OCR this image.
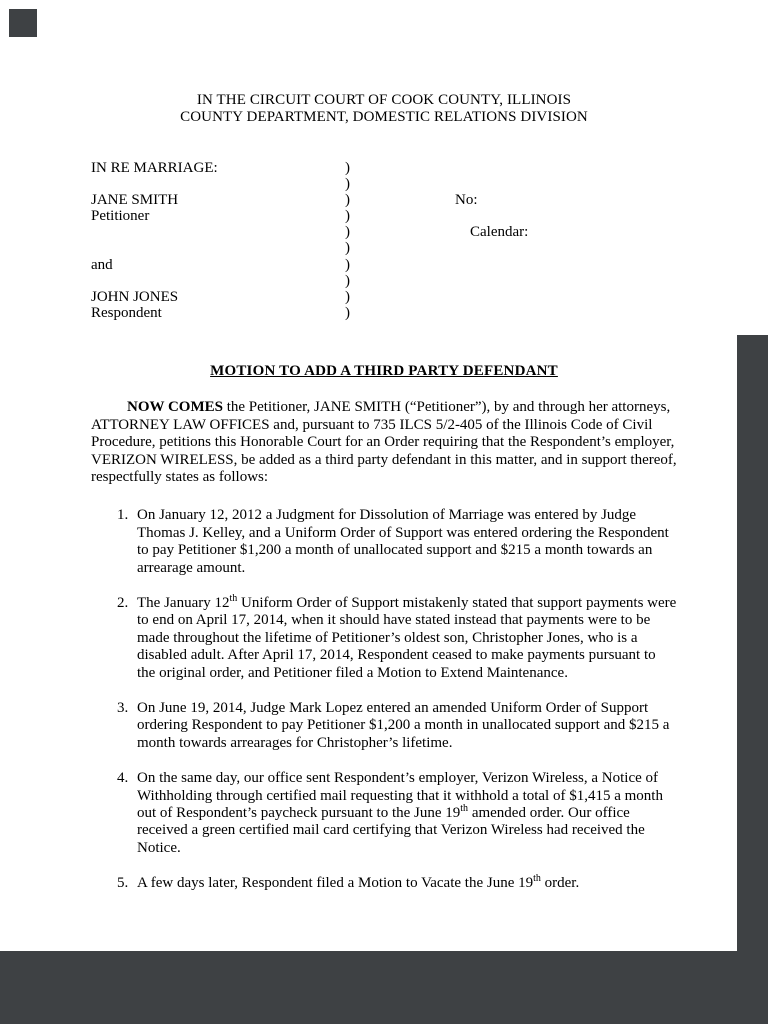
IN THE CIRCUIT COURT OF COOK COUNTY, ILLINOIS
COUNTY DEPARTMENT, DOMESTIC RELATIONS DIVISION
IN RE MARRIAGE:	)
)
JANE SMITH	)	No:
Petitioner	)
)	Calendar:
)
and	)
)
JOHN JONES	)
Respondent	)
MOTION TO ADD A THIRD PARTY DEFENDANT

NOW COMES the Petitioner, JANE SMITH (“Petitioner”), by and through her attorneys, ATTORNEY LAW OFFICES and, pursuant to 735 ILCS 5/2-405 of the Illinois Code of Civil Procedure, petitions this Honorable Court for an Order requiring that the Respondent’s employer, VERIZON WIRELESS, be added as a third party defendant in this matter, and in support thereof, respectfully states as follows:

1. On January 12, 2012 a Judgment for Dissolution of Marriage was entered by Judge Thomas J. Kelley, and a Uniform Order of Support was entered ordering the Respondent to pay Petitioner $1,200 a month of unallocated support and $215 a month towards an arrearage amount.
2. The January 12th Uniform Order of Support mistakenly stated that support payments were to end on April 17, 2014, when it should have stated instead that payments were to be made throughout the lifetime of Petitioner’s oldest son, Christopher Jones, who is a disabled adult. After April 17, 2014, Respondent ceased to make payments pursuant to the original order, and Petitioner filed a Motion to Extend Maintenance.
3. On June 19, 2014, Judge Mark Lopez entered an amended Uniform Order of Support ordering Respondent to pay Petitioner $1,200 a month in unallocated support and $215 a month towards arrearages for Christopher’s lifetime.
4. On the same day, our office sent Respondent’s employer, Verizon Wireless, a Notice of Withholding through certified mail requesting that it withhold a total of $1,415 a month out of Respondent’s paycheck pursuant to the June 19th amended order. Our office received a green certified mail card certifying that Verizon Wireless had received the Notice.
5. A few days later, Respondent filed a Motion to Vacate the June 19th order.
